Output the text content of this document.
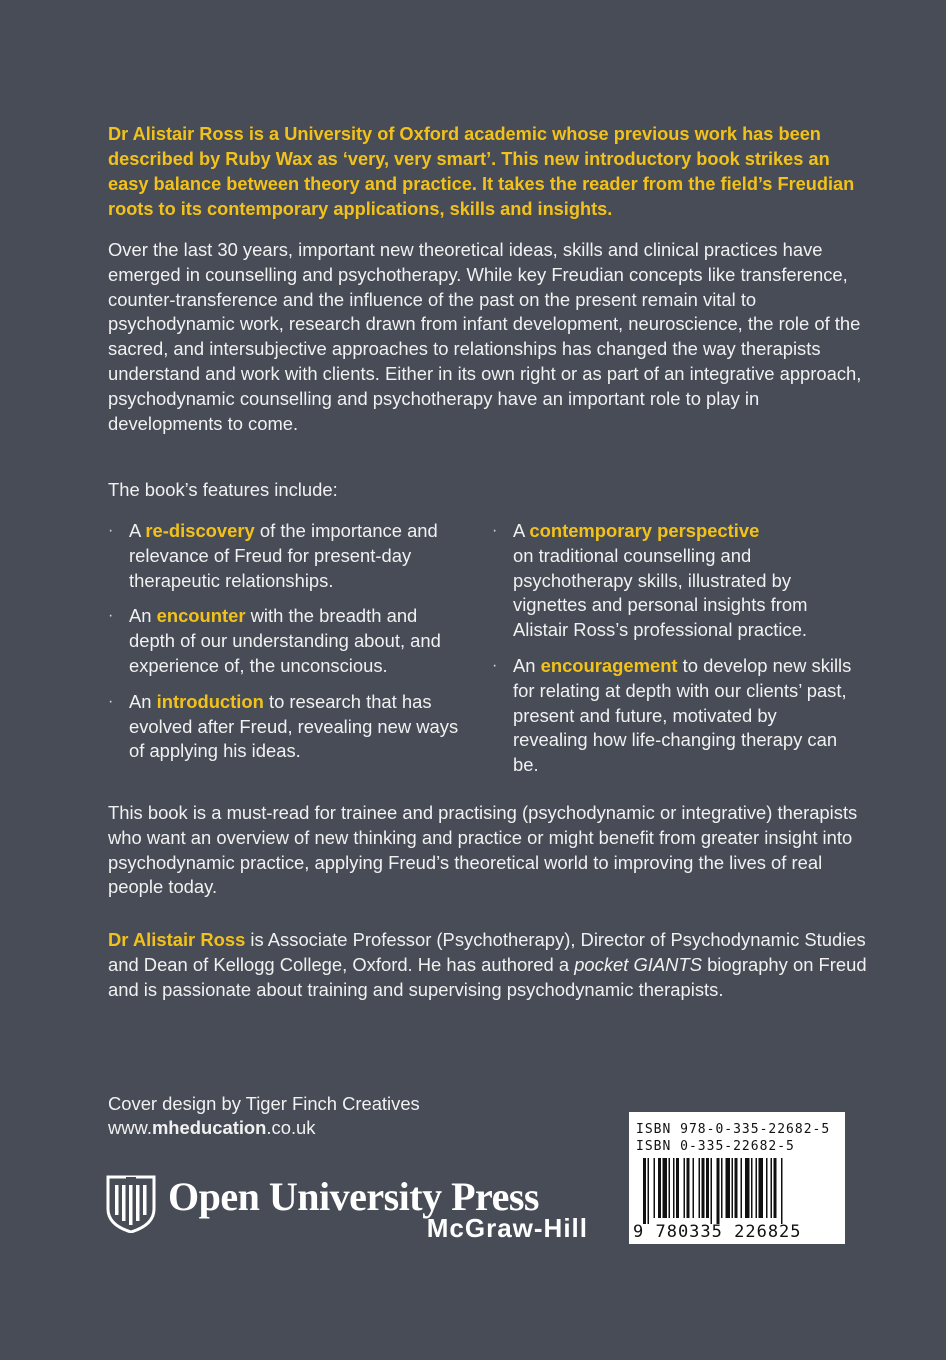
Dr Alistair Ross is a University of Oxford academic whose previous work has been described by Ruby Wax as ‘very, very smart’. This new introductory book strikes an easy balance between theory and practice. It takes the reader from the field’s Freudian roots to its contemporary applications, skills and insights.

Over the last 30 years, important new theoretical ideas, skills and clinical practices have emerged in counselling and psychotherapy. While key Freudian concepts like transference, counter-transference and the influence of the past on the present remain vital to psychodynamic work, research drawn from infant development, neuroscience, the role of the sacred, and intersubjective approaches to relationships has changed the way therapists understand and work with clients. Either in its own right or as part of an integrative approach, psychodynamic counselling and psychotherapy have an important role to play in developments to come.

The book’s features include:

· A re-discovery of the importance and relevance of Freud for present-day therapeutic relationships.

· An encounter with the breadth and depth of our understanding about, and experience of, the unconscious.

· An introduction to research that has evolved after Freud, revealing new ways of applying his ideas.

· A contemporary perspective
on traditional counselling and psychotherapy skills, illustrated by vignettes and personal insights from Alistair Ross’s professional practice.

· An encouragement to develop new skills for relating at depth with our clients’ past, present and future, motivated by revealing how life-changing therapy can be.

This book is a must-read for trainee and practising (psychodynamic or integrative) therapists who want an overview of new thinking and practice or might benefit from greater insight into psychodynamic practice, applying Freud’s theoretical world to improving the lives of real people today.

Dr Alistair Ross is Associate Professor (Psychotherapy), Director of Psychodynamic Studies and Dean of Kellogg College, Oxford. He has authored a pocket GIANTS biography on Freud and is passionate about training and supervising psychodynamic therapists.

Cover design by Tiger Finch Creatives

www.mheducation.co.uk

Open University Press
McGraw-Hill
ISBN 978-0-335-22682-5
ISBN 0-335-22682-5
9 780335 226825
